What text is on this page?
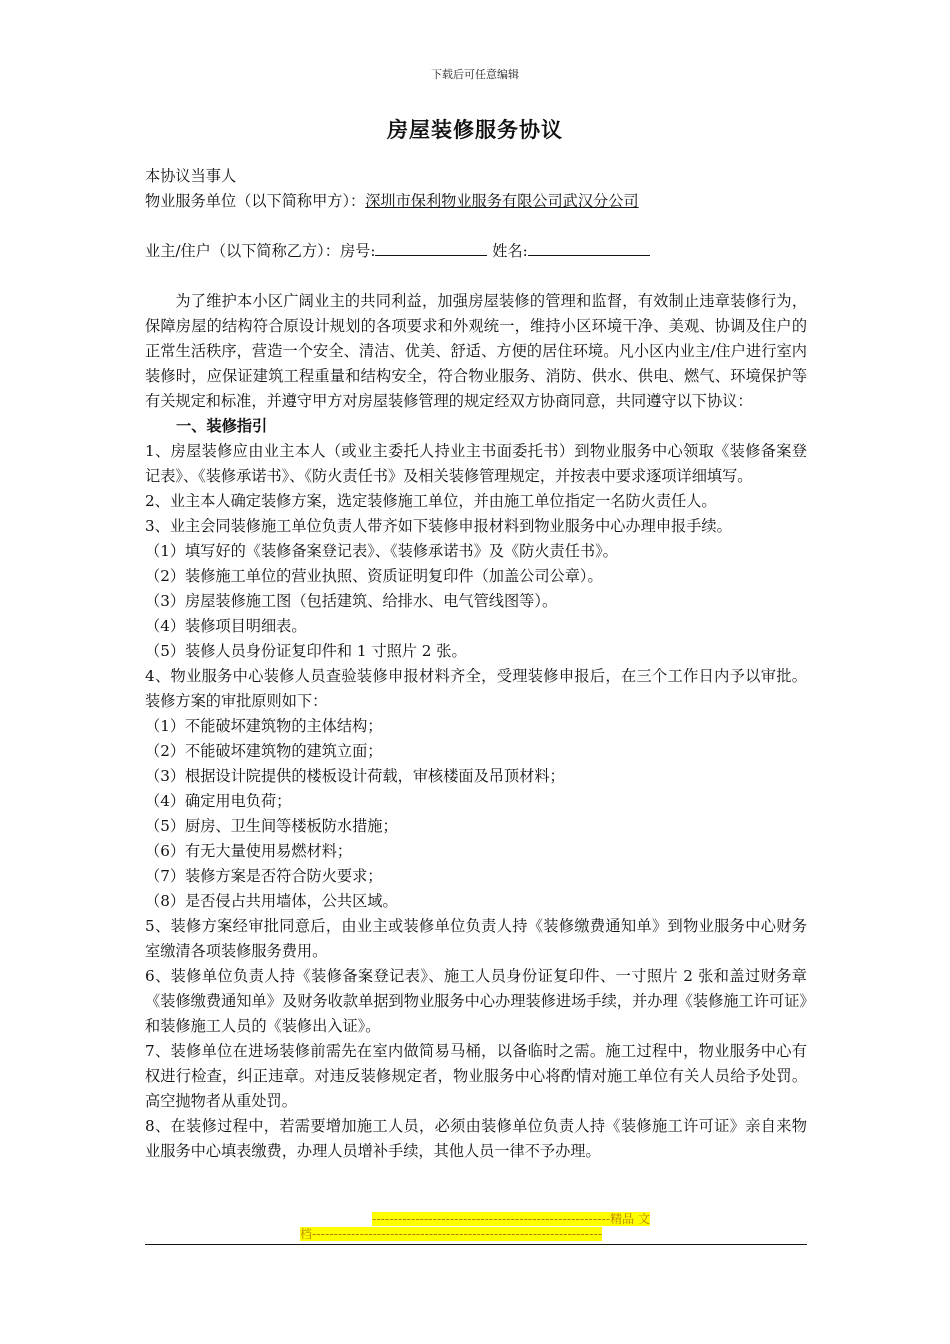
下载后可任意编辑
房屋装修服务协议
本协议当事人
物业服务单位（以下简称甲方）：深圳市保利物业服务有限公司武汉分公司
业主/住户（以下简称乙方）：房号:	姓名:
为了维护本小区广阔业主的共同利益，加强房屋装修的管理和监督，有效制止违章装修行为，保障房屋的结构符合原设计规划的各项要求和外观统一，维持小区环境干净、美观、协调及住户的正常生活秩序，营造一个安全、清洁、优美、舒适、方便的居住环境。凡小区内业主/住户进行室内装修时，应保证建筑工程重量和结构安全，符合物业服务、消防、供水、供电、燃气、环境保护等有关规定和标准，并遵守甲方对房屋装修管理的规定经双方协商同意，共同遵守以下协议：
一、装修指引
1、房屋装修应由业主本人（或业主委托人持业主书面委托书）到物业服务中心领取《装修备案登记表》、《装修承诺书》、《防火责任书》及相关装修管理规定，并按表中要求逐项详细填写。
2、业主本人确定装修方案，选定装修施工单位，并由施工单位指定一名防火责任人。
3、业主会同装修施工单位负责人带齐如下装修申报材料到物业服务中心办理申报手续。
（1）填写好的《装修备案登记表》、《装修承诺书》及《防火责任书》。
（2）装修施工单位的营业执照、资质证明复印件（加盖公司公章）。
（3）房屋装修施工图（包括建筑、给排水、电气管线图等）。
（4）装修项目明细表。
（5）装修人员身份证复印件和 1 寸照片 2 张。
4、物业服务中心装修人员查验装修申报材料齐全，受理装修申报后，在三个工作日内予以审批。装修方案的审批原则如下：
（1）不能破坏建筑物的主体结构；
（2）不能破坏建筑物的建筑立面；
（3）根据设计院提供的楼板设计荷载，审核楼面及吊顶材料；
（4）确定用电负荷；
（5）厨房、卫生间等楼板防水措施；
（6）有无大量使用易燃材料；
（7）装修方案是否符合防火要求；
（8）是否侵占共用墙体，公共区域。
5、装修方案经审批同意后，由业主或装修单位负责人持《装修缴费通知单》到物业服务中心财务室缴清各项装修服务费用。
6、装修单位负责人持《装修备案登记表》、施工人员身份证复印件、一寸照片 2 张和盖过财务章《装修缴费通知单》及财务收款单据到物业服务中心办理装修进场手续，并办理《装修施工许可证》和装修施工人员的《装修出入证》。
7、装修单位在进场装修前需先在室内做简易马桶，以备临时之需。施工过程中，物业服务中心有权进行检查，纠正违章。对违反装修规定者，物业服务中心将酌情对施工单位有关人员给予处罚。高空抛物者从重处罚。
8、在装修过程中，若需要增加施工人员，必须由装修单位负责人持《装修施工许可证》亲自来物业服务中心填表缴费，办理人员增补手续，其他人员一律不予办理。
-------------------------------------------------------精品 文
档-------------------------------------------------------------------
